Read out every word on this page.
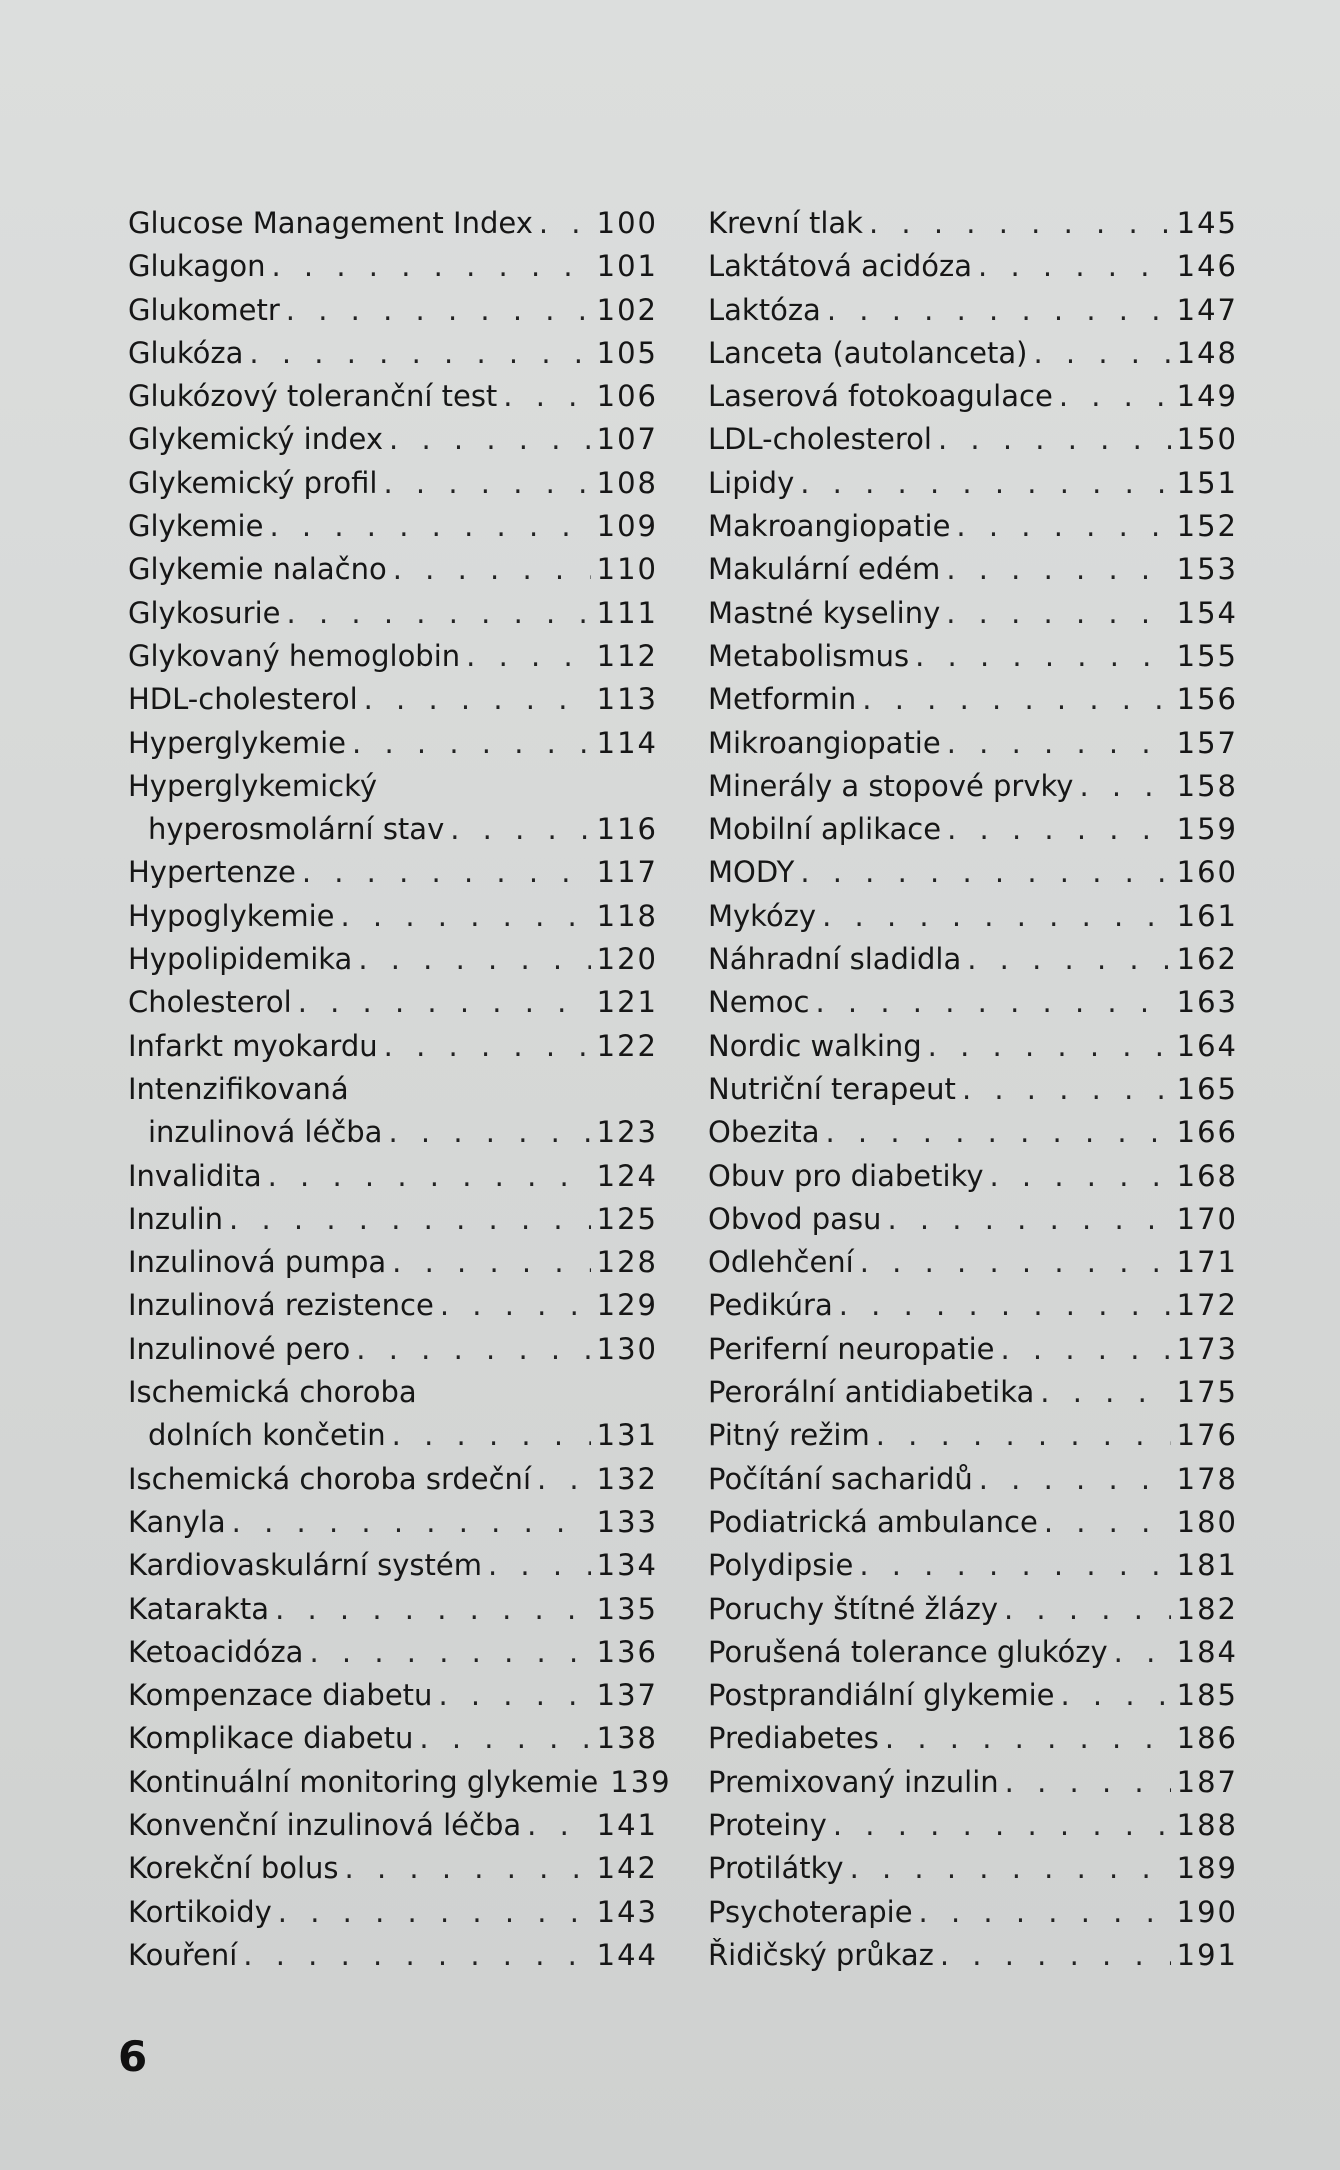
Glucose Management Index . . . 100
Glukagon . . .	101
Glukometr . . .	102
Glukóza . . .	105
Glukózový toleranční test . . .	106
Glykemický index . . .	107
Glykemický profil . . .	108
Glykemie . . .	109
Glykemie nalačno . . .	110
Glykosurie . . .	111
Glykovaný hemoglobin . . .	112
HDL-cholesterol . . .	113
Hyperglykemie . . .	114
Hyperglykemický
hyperosmolární stav . . .	116
Hypertenze . . .	117
Hypoglykemie . . .	118
Hypolipidemika . . .	120
Cholesterol . . .	121
Infarkt myokardu . . .	122
Intenzifikovaná
inzulinová léčba . . .	123
Invalidita . . .	124
Inzulin . . .	125
Inzulinová pumpa . . .	128
Inzulinová rezistence . . .	129
Inzulinové pero . . .	130
Ischemická choroba
dolních končetin . . .	131
Ischemická choroba srdeční . . . 132
Kanyla . . .	133
Kardiovaskulární systém . . .	134
Katarakta . . .	135
Ketoacidóza . . .	136
Kompenzace diabetu . . .	137
Komplikace diabetu . . .	138
Kontinuální monitoring glykemie 139
Konvenční inzulinová léčba . . .	141
Korekční bolus . . .	142
Kortikoidy . . .	143
Kouření . . .	144
Krevní tlak . . .	145
Laktátová acidóza . . .	146
Laktóza . . .	147
Lanceta (autolanceta) . . .	148
Laserová fotokoagulace . . .	149
LDL-cholesterol . . .	150
Lipidy . . .	151
Makroangiopatie . . .	152
Makulární edém . . .	153
Mastné kyseliny . . .	154
Metabolismus . . .	155
Metformin . . .	156
Mikroangiopatie . . .	157
Minerály a stopové prvky . . .	158
Mobilní aplikace . . .	159
MODY . . .	160
Mykózy . . .	161
Náhradní sladidla . . .	162
Nemoc . . .	163
Nordic walking . . .	164
Nutriční terapeut . . .	165
Obezita . . .	166
Obuv pro diabetiky . . .	168
Obvod pasu . . .	170
Odlehčení . . .	171
Pedikúra . . .	172
Periferní neuropatie . . .	173
Perorální antidiabetika . . .	175
Pitný režim . . .	176
Počítání sacharidů . . .	178
Podiatrická ambulance . . .	180
Polydipsie . . .	181
Poruchy štítné žlázy . . .	182
Porušená tolerance glukózy . . . 184
Postprandiální glykemie . . .	185
Prediabetes . . .	186
Premixovaný inzulin . . .	187
Proteiny . . .	188
Protilátky . . .	189
Psychoterapie . . .	190
Řidičský průkaz . . .	191
6
